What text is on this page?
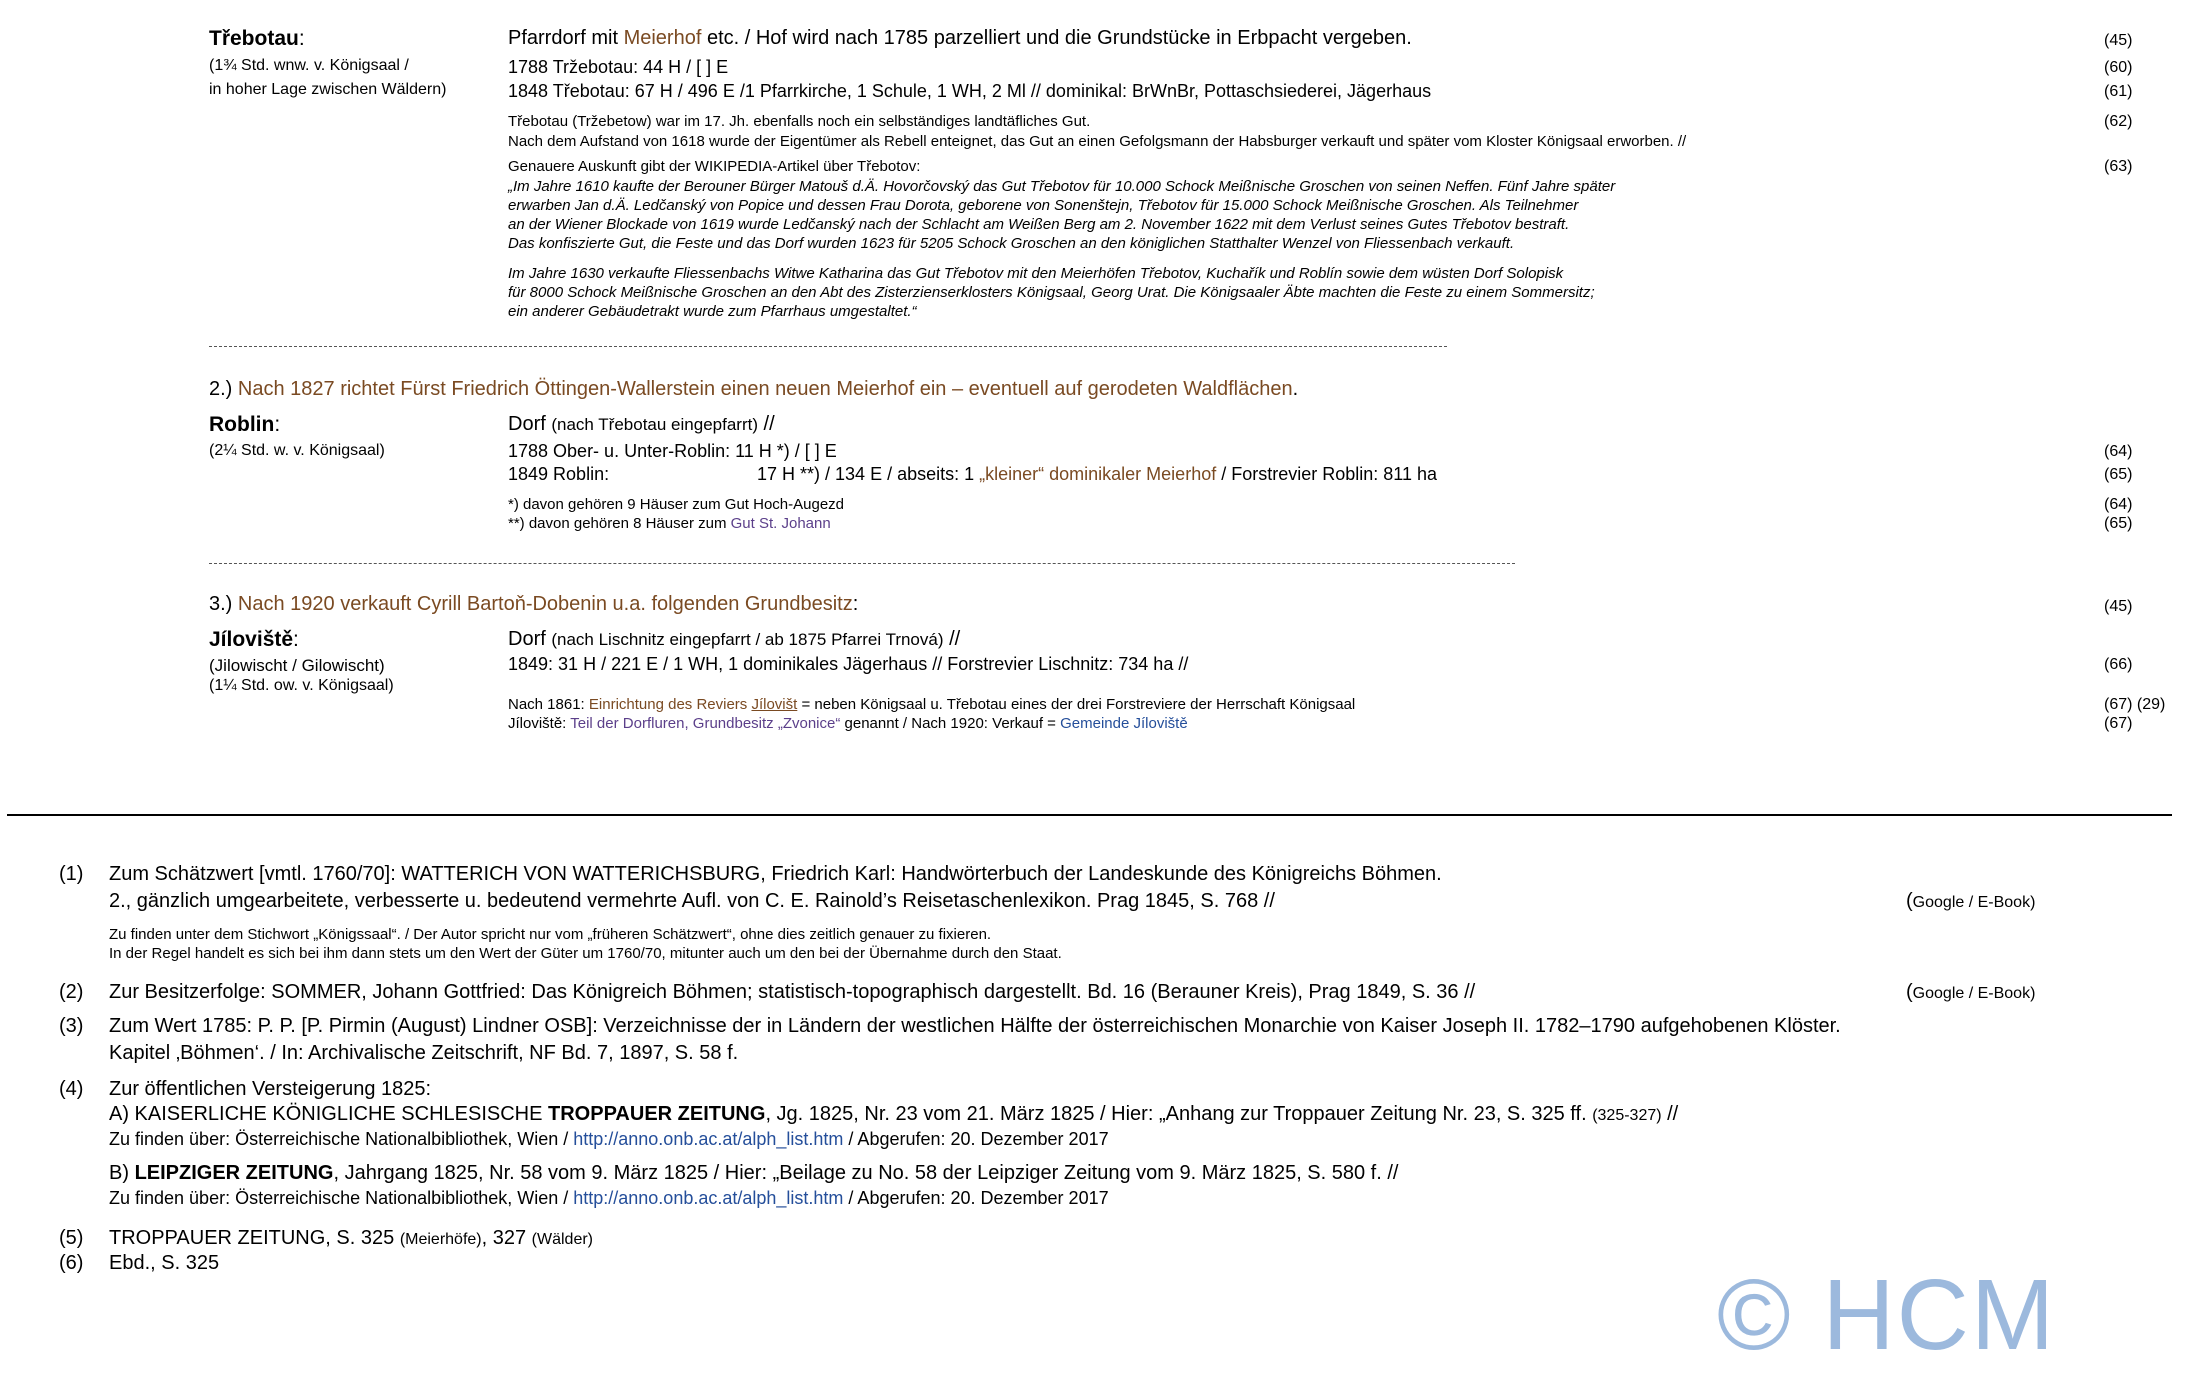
Třebotau:
(1¾ Std. wnw. v. Königsaal /
in hoher Lage zwischen Wäldern)
Pfarrdorf mit Meierhof etc. / Hof wird nach 1785 parzelliert und die Grundstücke in Erbpacht vergeben.	(45)
1788 Tržebotau: 44 H / [ ] E	(60)
1848 Třebotau: 67 H / 496 E /1 Pfarrkirche, 1 Schule, 1 WH, 2 Ml // dominikal: BrWnBr, Pottaschsiederei, Jägerhaus	(61)
Třebotau (Tržebetow) war im 17. Jh. ebenfalls noch ein selbständiges landtäfliches Gut.	(62)
Nach dem Aufstand von 1618 wurde der Eigentümer als Rebell enteignet, das Gut an einen Gefolgsmann der Habsburger verkauft und später vom Kloster Königsaal erworben. //
Genauere Auskunft gibt der WIKIPEDIA-Artikel über Třebotov:	(63)
„Im Jahre 1610 kaufte der Berouner Bürger Matouš d.Ä. Hovorčovský das Gut Třebotov für 10.000 Schock Meißnische Groschen von seinen Neffen. Fünf Jahre später
erwarben Jan d.Ä. Ledčanský von Popice und dessen Frau Dorota, geborene von Sonenštejn, Třebotov für 15.000 Schock Meißnische Groschen. Als Teilnehmer
an der Wiener Blockade von 1619 wurde Ledčanský nach der Schlacht am Weißen Berg am 2. November 1622 mit dem Verlust seines Gutes Třebotov bestraft.
Das konfiszierte Gut, die Feste und das Dorf wurden 1623 für 5205 Schock Groschen an den königlichen Statthalter Wenzel von Fliessenbach verkauft.
Im Jahre 1630 verkaufte Fliessenbachs Witwe Katharina das Gut Třebotov mit den Meierhöfen Třebotov, Kuchařík und Roblín sowie dem wüsten Dorf Solopisk
für 8000 Schock Meißnische Groschen an den Abt des Zisterzienserklosters Königsaal, Georg Urat. Die Königsaaler Äbte machten die Feste zu einem Sommersitz;
ein anderer Gebäudetrakt wurde zum Pfarrhaus umgestaltet.“
2.) Nach 1827 richtet Fürst Friedrich Öttingen-Wallerstein einen neuen Meierhof ein – eventuell auf gerodeten Waldflächen.
Roblin:
(2¼ Std. w. v. Königsaal)
Dorf (nach Třebotau eingepfarrt) //
1788 Ober- u. Unter-Roblin: 11 H *) / [ ] E	(64)
1849 Roblin:	17 H **) / 134 E / abseits: 1 „kleiner“ dominikaler Meierhof / Forstrevier Roblin: 811 ha	(65)
*) davon gehören 9 Häuser zum Gut Hoch-Augezd	(64)
**) davon gehören 8 Häuser zum Gut St. Johann	(65)
3.) Nach 1920 verkauft Cyrill Bartoň-Dobenin u.a. folgenden Grundbesitz:	(45)
Jíloviště:
(Jilowischt / Gilowischt)
(1¼ Std. ow. v. Königsaal)
Dorf (nach Lischnitz eingepfarrt / ab 1875 Pfarrei Trnová) //
1849: 31 H / 221 E / 1 WH, 1 dominikales Jägerhaus // Forstrevier Lischnitz: 734 ha //	(66)
Nach 1861: Einrichtung des Reviers Jílovišt = neben Königsaal u. Třebotau eines der drei Forstreviere der Herrschaft Königsaal	(67) (29)
Jíloviště: Teil der Dorfluren, Grundbesitz „Zvonice“ genannt / Nach 1920: Verkauf = Gemeinde Jíloviště	(67)
(1) Zum Schätzwert [vmtl. 1760/70]: WATTERICH VON WATTERICHSBURG, Friedrich Karl: Handwörterbuch der Landeskunde des Königreichs Böhmen.
2., gänzlich umgearbeitete, verbesserte u. bedeutend vermehrte Aufl. von C. E. Rainold’s Reisetaschenlexikon. Prag 1845, S. 768 //	(Google / E-Book)
Zu finden unter dem Stichwort „Königssaal“. / Der Autor spricht nur vom „früheren Schätzwert“, ohne dies zeitlich genauer zu fixieren.
In der Regel handelt es sich bei ihm dann stets um den Wert der Güter um 1760/70, mitunter auch um den bei der Übernahme durch den Staat.
(2) Zur Besitzerfolge: SOMMER, Johann Gottfried: Das Königreich Böhmen; statistisch-topographisch dargestellt. Bd. 16 (Berauner Kreis), Prag 1849, S. 36 //	(Google / E-Book)
(3) Zum Wert 1785: P. P. [P. Pirmin (August) Lindner OSB]: Verzeichnisse der in Ländern der westlichen Hälfte der österreichischen Monarchie von Kaiser Joseph II. 1782–1790 aufgehobenen Klöster.
Kapitel ‚Böhmen‘. / In: Archivalische Zeitschrift, NF Bd. 7, 1897, S. 58 f.
(4) Zur öffentlichen Versteigerung 1825:
A) KAISERLICHE KÖNIGLICHE SCHLESISCHE TROPPAUER ZEITUNG, Jg. 1825, Nr. 23 vom 21. März 1825 / Hier: „Anhang zur Troppauer Zeitung Nr. 23, S. 325 ff. (325-327) //
Zu finden über: Österreichische Nationalbibliothek, Wien / http://anno.onb.ac.at/alph_list.htm / Abgerufen: 20. Dezember 2017
B) LEIPZIGER ZEITUNG, Jahrgang 1825, Nr. 58 vom 9. März 1825 / Hier: „Beilage zu No. 58 der Leipziger Zeitung vom 9. März 1825, S. 580 f. //
Zu finden über: Österreichische Nationalbibliothek, Wien / http://anno.onb.ac.at/alph_list.htm / Abgerufen: 20. Dezember 2017
(5) TROPPAUER ZEITUNG, S. 325 (Meierhöfe), 327 (Wälder)
(6) Ebd., S. 325	© HCM
